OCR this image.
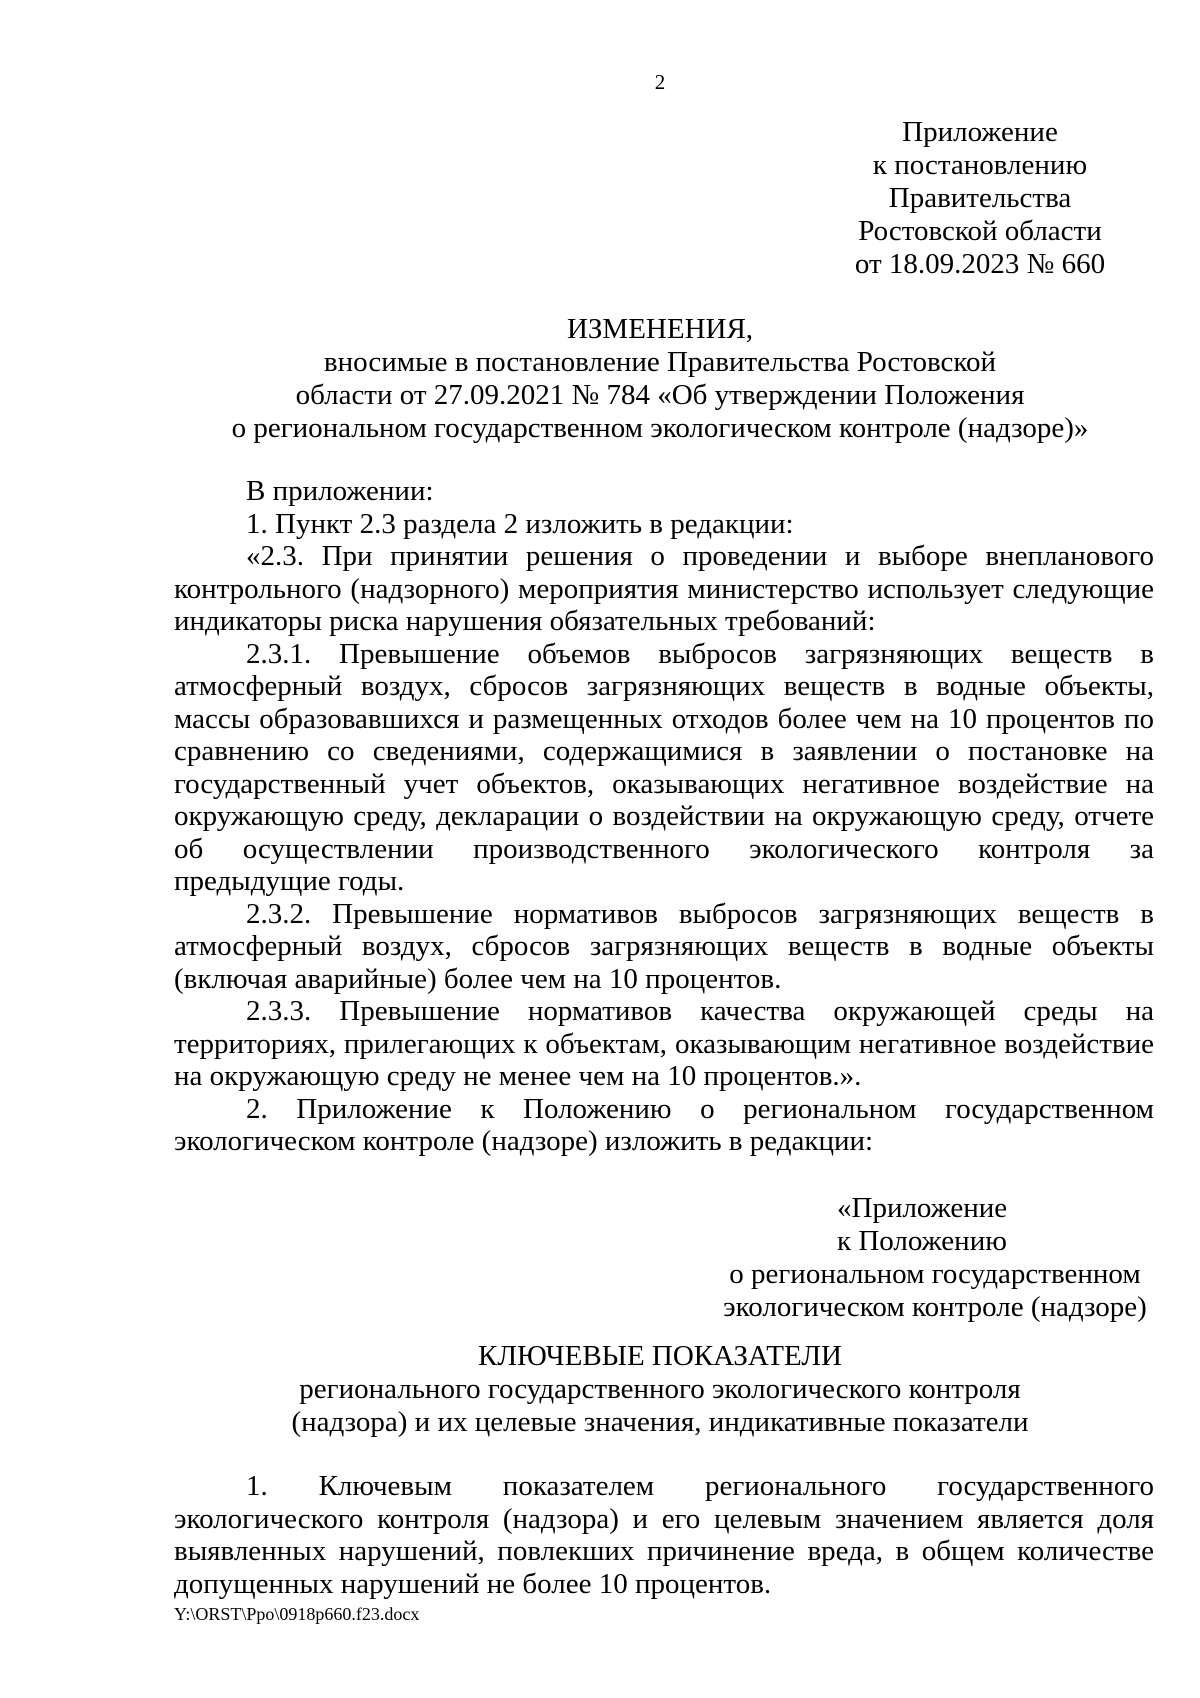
2
Приложение
к постановлению
Правительства
Ростовской области
от 18.09.2023 № 660
ИЗМЕНЕНИЯ,
вносимые в постановление Правительства Ростовской
области от 27.09.2021 № 784 «Об утверждении Положения
о региональном государственном экологическом контроле (надзоре)»

В приложении:

1. Пункт 2.3 раздела 2 изложить в редакции:

«2.3. При принятии решения о проведении и выборе внепланового контрольного (надзорного) мероприятия министерство использует следующие индикаторы риска нарушения обязательных требований:

2.3.1. Превышение объемов выбросов загрязняющих веществ в атмосферный воздух, сбросов загрязняющих веществ в водные объекты, массы образовавшихся и размещенных отходов более чем на 10 процентов по сравнению со сведениями, содержащимися в заявлении о постановке на государственный учет объектов, оказывающих негативное воздействие на окружающую среду, декларации о воздействии на окружающую среду, отчете об осуществлении производственного экологического контроля за предыдущие годы.

2.3.2. Превышение нормативов выбросов загрязняющих веществ в атмосферный воздух, сбросов загрязняющих веществ в водные объекты (включая аварийные) более чем на 10 процентов.

2.3.3. Превышение нормативов качества окружающей среды на территориях, прилегающих к объектам, оказывающим негативное воздействие на окружающую среду не менее чем на 10 процентов.».

2. Приложение к Положению о региональном государственном экологическом контроле (надзоре) изложить в редакции:

«Приложение
к Положению
о региональном государственном
экологическом контроле (надзоре)
КЛЮЧЕВЫЕ ПОКАЗАТЕЛИ
регионального государственного экологического контроля
(надзора) и их целевые значения, индикативные показатели

1. Ключевым показателем регионального государственного экологического контроля (надзора) и его целевым значением является доля выявленных нарушений, повлекших причинение вреда, в общем количестве допущенных нарушений не более 10 процентов.

Y:\ORST\Ppo\0918p660.f23.docx
